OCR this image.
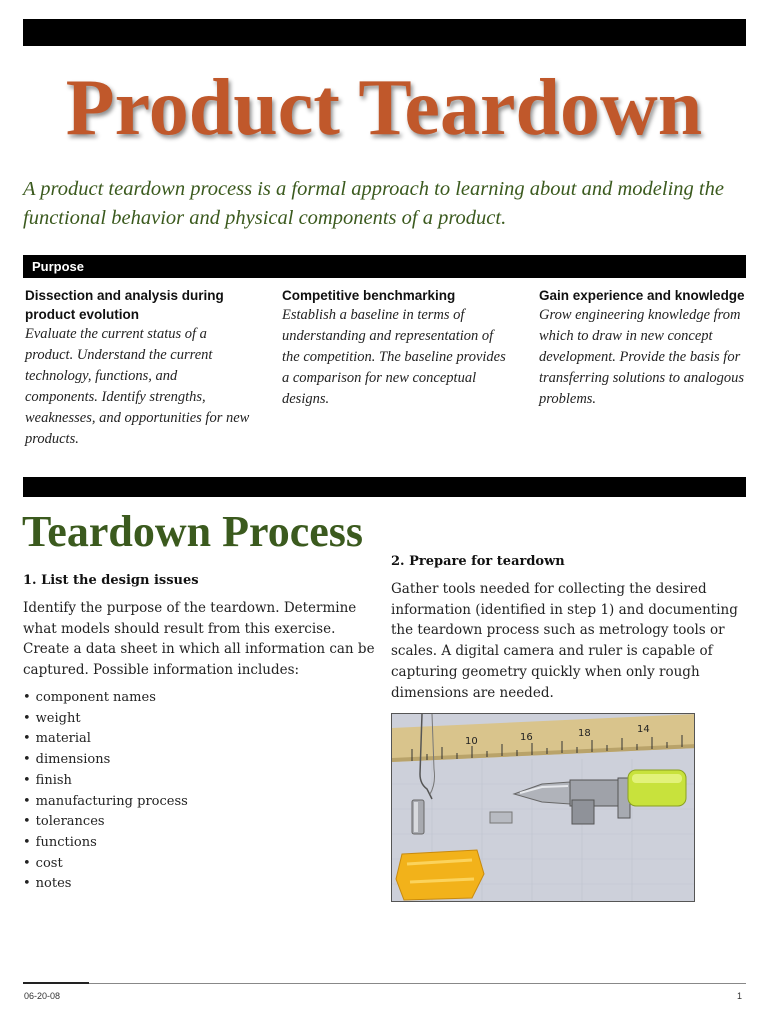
Product Teardown

A product teardown process is a formal approach to learning about and modeling the functional behavior and physical components of a product.

Purpose
Dissection and analysis during product evolution

Evaluate the current status of a product. Understand the current technology, functions, and components. Identify strengths, weaknesses, and opportunities for new products.

Competitive benchmarking

Establish a baseline in terms of understanding and representation of the competition. The baseline provides a comparison for new conceptual designs.

Gain experience and knowledge

Grow engineering knowledge from which to draw in new concept development. Provide the basis for transferring solutions to analogous problems.

Teardown Process
1. List the design issues

Identify the purpose of the teardown. Determine what models should result from this exercise. Create a data sheet in which all information can be captured. Possible information includes:

• component names
• weight
• material
• dimensions
• finish
• manufacturing process
• tolerances
• functions
• cost
• notes
2. Prepare for teardown

Gather tools needed for collecting the desired information (identified in step 1) and documenting the teardown process such as metrology tools or scales. A digital camera and ruler is capable of capturing geometry quickly when only rough dimensions are needed.

10	16	18	14
06-20-08	1
